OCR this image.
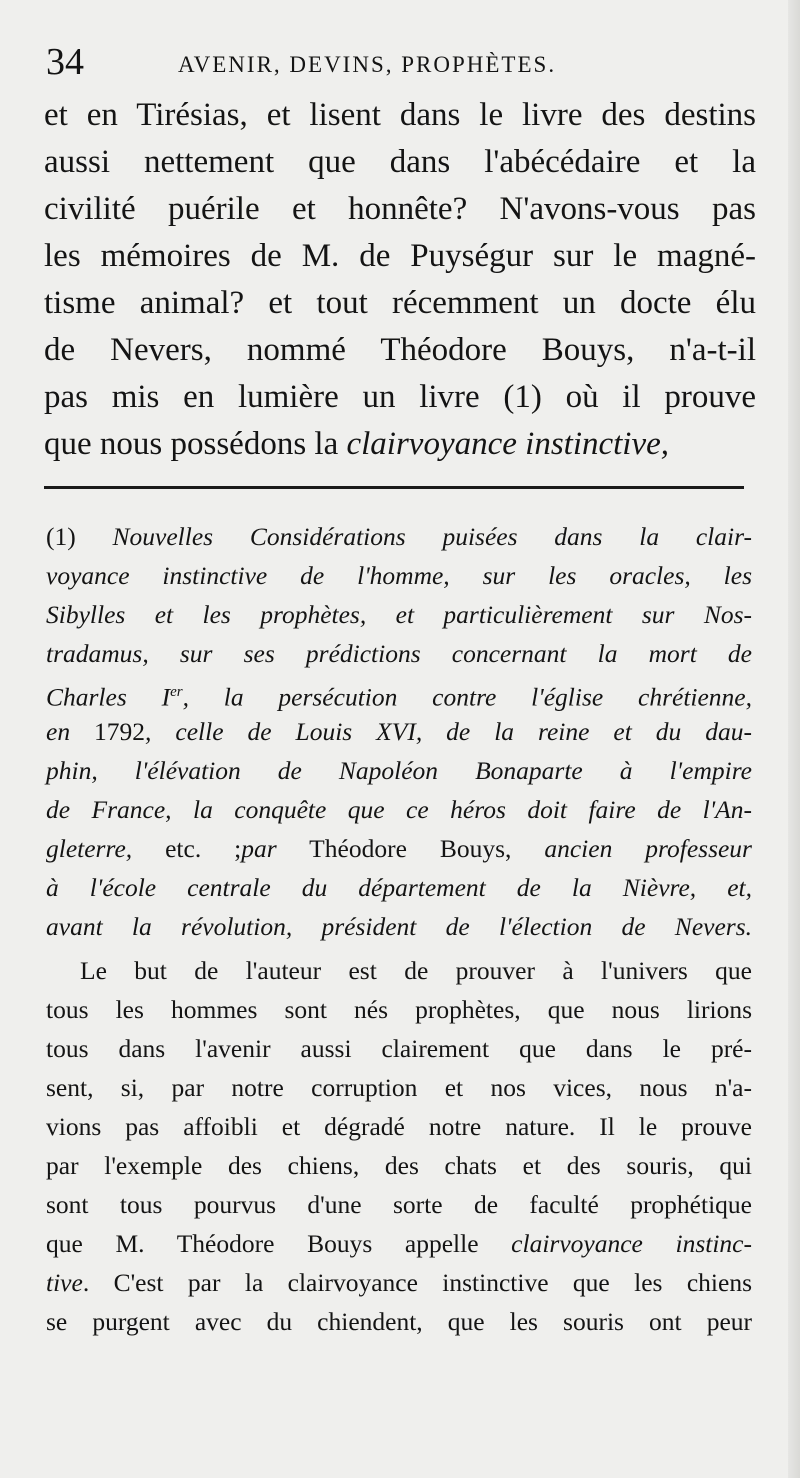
34	AVENIR, DEVINS, PROPHÈTES.
et en Tirésias, et lisent dans le livre des destins
aussi nettement que dans l'abécédaire et la
civilité puérile et honnête? N'avons-vous pas
les mémoires de M. de Puységur sur le magné-
tisme animal? et tout récemment un docte élu
de Nevers, nommé Théodore Bouys, n'a-t-il
pas mis en lumière un livre (1) où il prouve
que nous possédons la clairvoyance instinctive,
(1) Nouvelles Considérations puisées dans la clair-
voyance instinctive de l'homme, sur les oracles, les
Sibylles et les prophètes, et particulièrement sur Nos-
tradamus, sur ses prédictions concernant la mort de
Charles Ier, la persécution contre l'église chrétienne,
en 1792, celle de Louis XVI, de la reine et du dau-
phin, l'élévation de Napoléon Bonaparte à l'empire
de France, la conquête que ce héros doit faire de l'An-
gleterre, etc. ;par Théodore Bouys, ancien professeur
à l'école centrale du département de la Nièvre, et,
avant la révolution, président de l'élection de Nevers.
Le but de l'auteur est de prouver à l'univers que
tous les hommes sont nés prophètes, que nous lirions
tous dans l'avenir aussi clairement que dans le pré-
sent, si, par notre corruption et nos vices, nous n'a-
vions pas affoibli et dégradé notre nature. Il le prouve
par l'exemple des chiens, des chats et des souris, qui
sont tous pourvus d'une sorte de faculté prophétique
que M. Théodore Bouys appelle clairvoyance instinc-
tive. C'est par la clairvoyance instinctive que les chiens
se purgent avec du chiendent, que les souris ont peur
